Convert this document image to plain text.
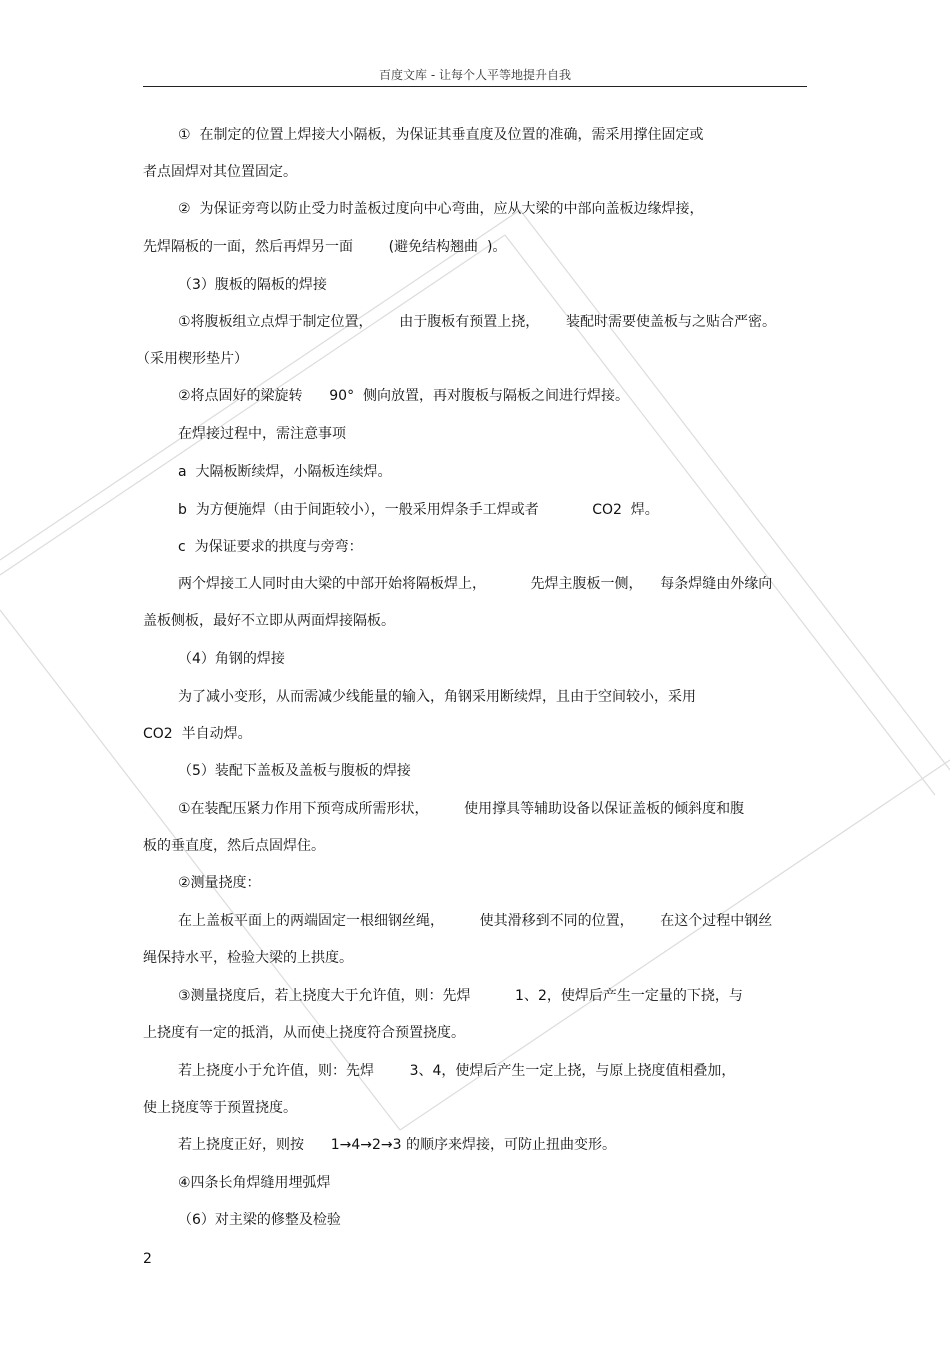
百度文库 - 让每个人平等地提升自我
①  在制定的位置上焊接大小隔板，为保证其垂直度及位置的准确，需采用撑住固定或
者点固焊对其位置固定。
②  为保证旁弯以防止受力时盖板过度向中心弯曲，应从大梁的中部向盖板边缘焊接，
先焊隔板的一面，然后再焊另一面        (避免结构翘曲  )。
（3）腹板的隔板的焊接
①将腹板组立点焊于制定位置，      由于腹板有预置上挠，      装配时需要使盖板与之贴合严密。
（采用楔形垫片）
②将点固好的梁旋转      90°  侧向放置，再对腹板与隔板之间进行焊接。
在焊接过程中，需注意事项
a  大隔板断续焊，小隔板连续焊。
b  为方便施焊（由于间距较小），一般采用焊条手工焊或者            CO2  焊。
c  为保证要求的拱度与旁弯：
两个焊接工人同时由大梁的中部开始将隔板焊上，          先焊主腹板一侧，    每条焊缝由外缘向
盖板侧板，最好不立即从两面焊接隔板。
（4）角钢的焊接
为了减小变形，从而需减少线能量的输入，角钢采用断续焊，且由于空间较小，采用
CO2  半自动焊。
（5）装配下盖板及盖板与腹板的焊接
①在装配压紧力作用下预弯成所需形状，        使用撑具等辅助设备以保证盖板的倾斜度和腹
板的垂直度，然后点固焊住。
②测量挠度：
在上盖板平面上的两端固定一根细钢丝绳，        使其滑移到不同的位置，      在这个过程中钢丝
绳保持水平，检验大梁的上拱度。
③测量挠度后，若上挠度大于允许值，则：先焊          1、2，使焊后产生一定量的下挠，与
上挠度有一定的抵消，从而使上挠度符合预置挠度。
若上挠度小于允许值，则：先焊        3、4，使焊后产生一定上挠，与原上挠度值相叠加，
使上挠度等于预置挠度。
若上挠度正好，则按      1→4→2→3 的顺序来焊接，可防止扭曲变形。
④四条长角焊缝用埋弧焊
（6）对主梁的修整及检验
2
